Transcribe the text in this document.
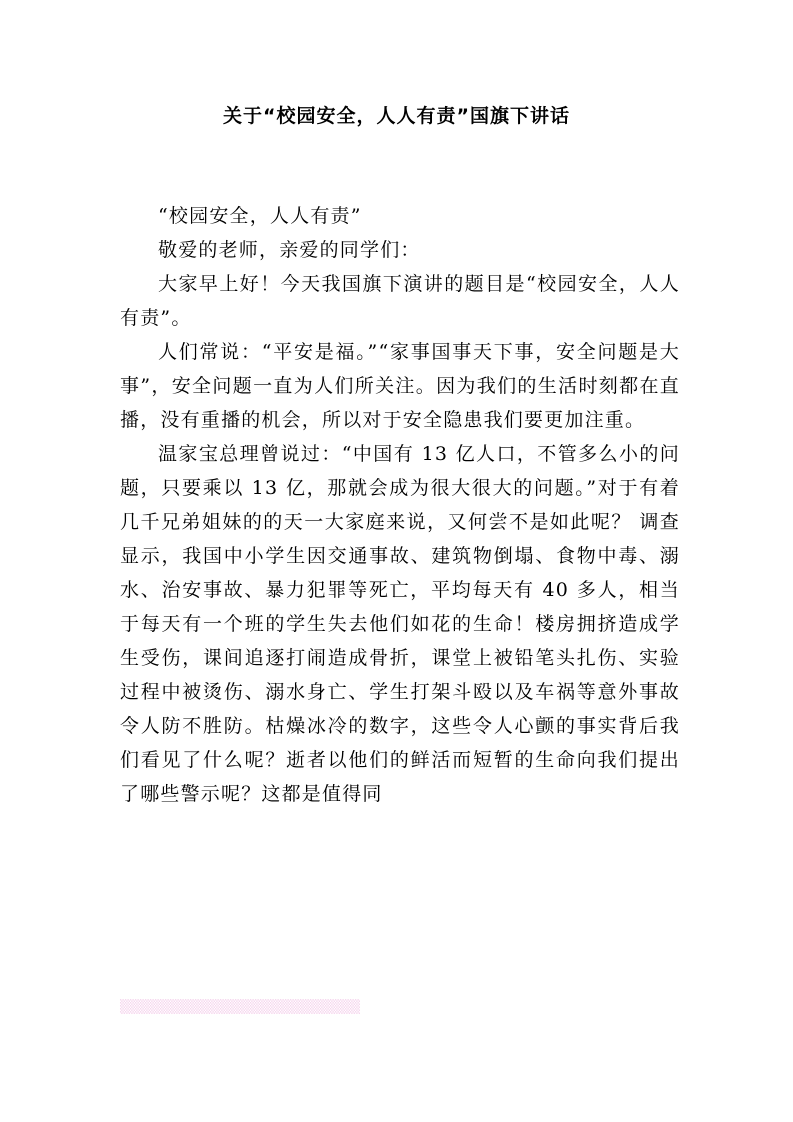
关于“校园安全，人人有责”国旗下讲话

“校园安全，人人有责”

敬爱的老师，亲爱的同学们：

大家早上好！今天我国旗下演讲的题目是“校园安全，人人有责”。

人们常说：“平安是福。”“家事国事天下事，安全问题是大事”，安全问题一直为人们所关注。因为我们的生活时刻都在直播，没有重播的机会，所以对于安全隐患我们要更加注重。

温家宝总理曾说过：“中国有 13 亿人口，不管多么小的问题，只要乘以 13 亿，那就会成为很大很大的问题。”对于有着几千兄弟姐妹的的天一大家庭来说，又何尝不是如此呢？ 调查显示，我国中小学生因交通事故、建筑物倒塌、食物中毒、溺水、治安事故、暴力犯罪等死亡，平均每天有 40 多人，相当于每天有一个班的学生失去他们如花的生命！楼房拥挤造成学生受伤，课间追逐打闹造成骨折，课堂上被铅笔头扎伤、实验过程中被烫伤、溺水身亡、学生打架斗殴以及车祸等意外事故令人防不胜防。枯燥冰冷的数字，这些令人心颤的事实背后我们看见了什么呢？逝者以他们的鲜活而短暂的生命向我们提出了哪些警示呢？这都是值得同

▒▒▒▒▒▒▒▒▒▒▒▒▒▒▒▒▒▒▒▒▒▒▒▒
